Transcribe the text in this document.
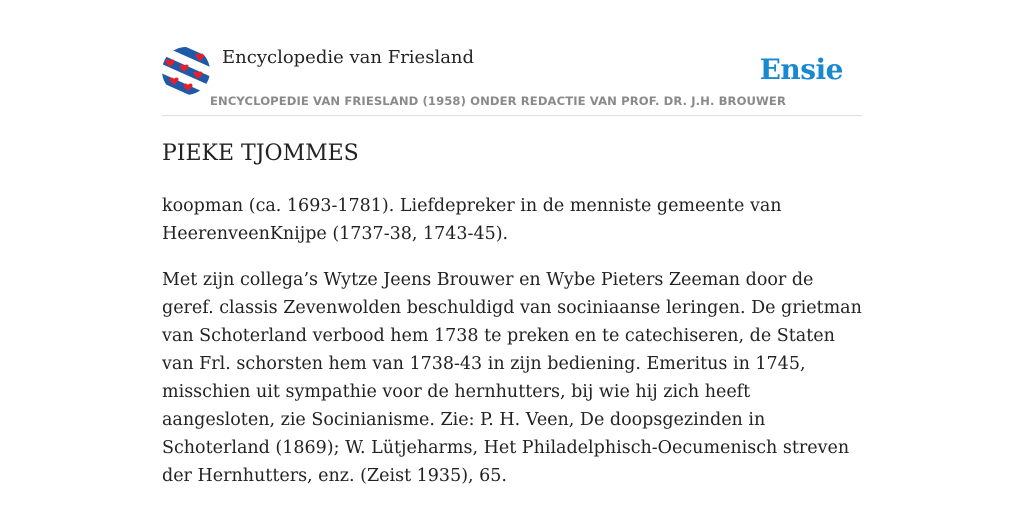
Encyclopedie van Friesland
ENCYCLOPEDIE VAN FRIESLAND (1958) ONDER REDACTIE VAN PROF. DR. J.H. BROUWER
Ensie
PIEKE TJOMMES

koopman (ca. 1693-1781). Liefdepreker in de menniste gemeente van HeerenveenKnijpe (1737-38, 1743-45).

Met zijn collega’s Wytze Jeens Brouwer en Wybe Pieters Zeeman door de geref. classis Zevenwolden beschuldigd van sociniaanse leringen. De grietman van Schoterland verbood hem 1738 te preken en te catechiseren, de Staten van Frl. schorsten hem van 1738-43 in zijn bediening. Emeritus in 1745, misschien uit sympathie voor de hernhutters, bij wie hij zich heeft aangesloten, zie Socinianisme. Zie: P. H. Veen, De doopsgezinden in Schoterland (1869); W. Lütjeharms, Het Philadelphisch-Oecumenisch streven der Hernhutters, enz. (Zeist 1935), 65.
